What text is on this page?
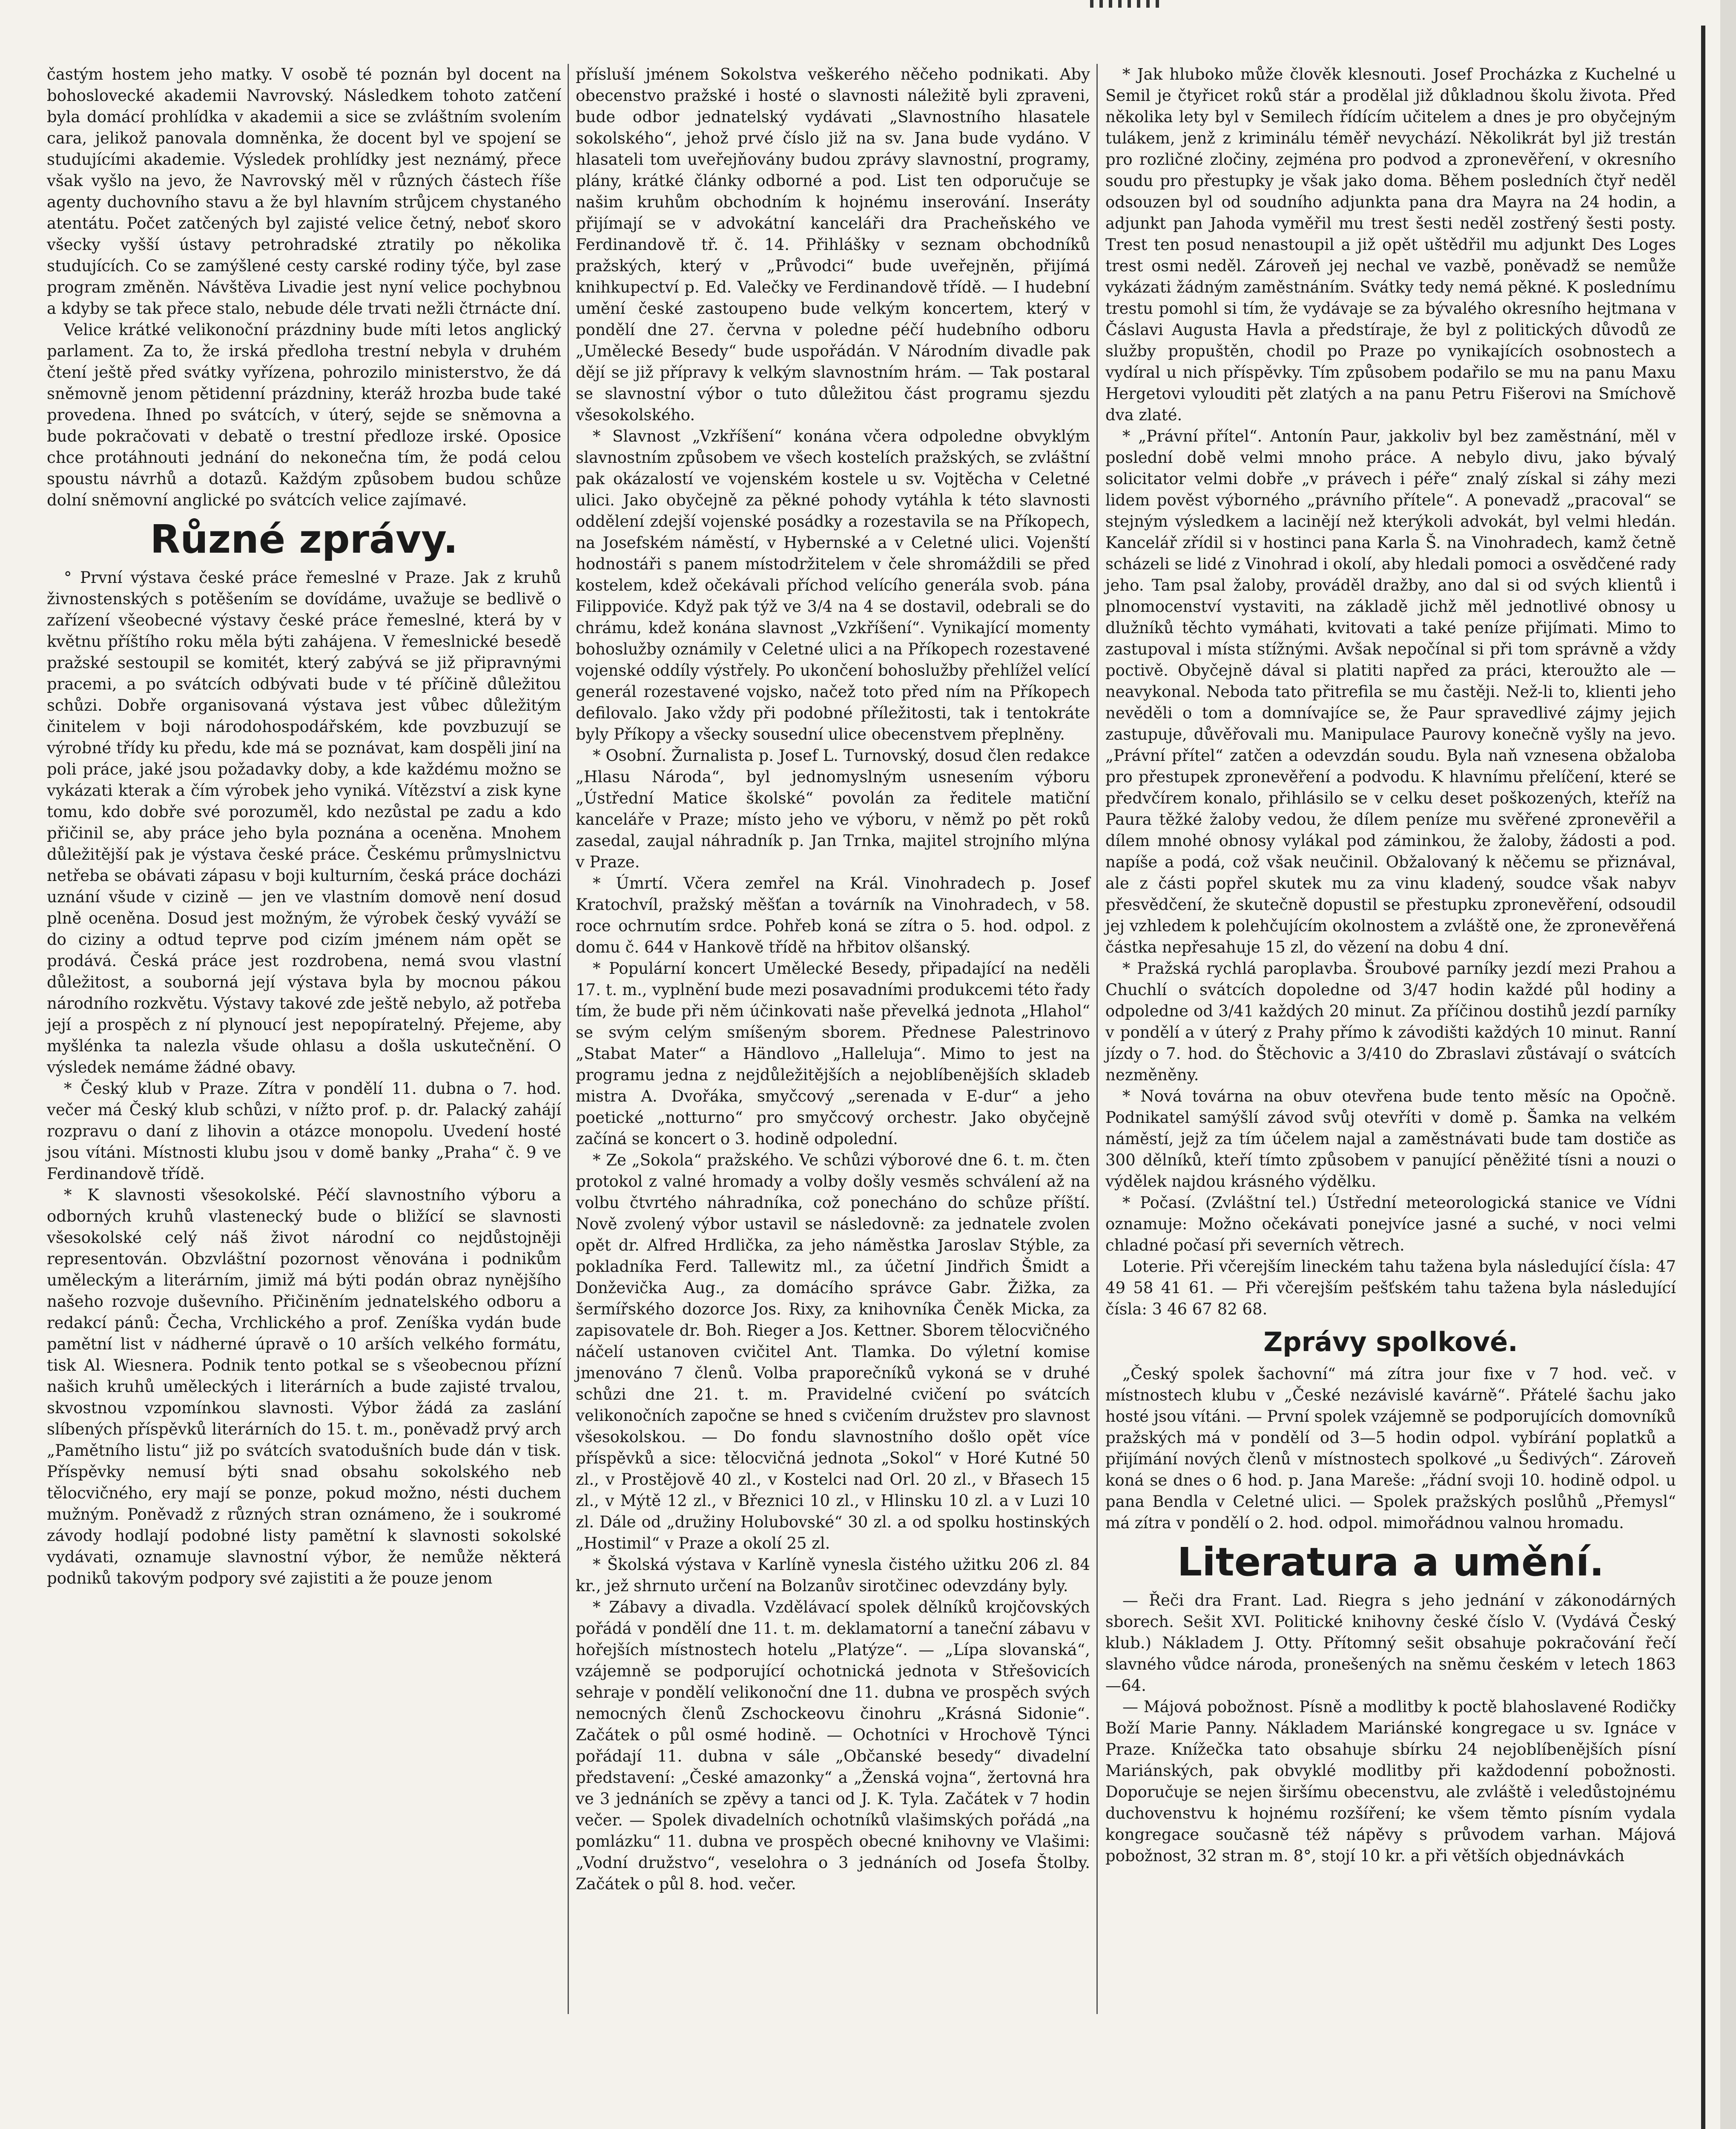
častým hostem jeho matky. V osobě té poznán byl docent na bohoslovecké akademii Navrovský. Následkem tohoto zatčení byla domácí prohlídka v akademii a sice se zvláštním svolením cara, jelikož panovala domněnka, že docent byl ve spojení se studujícími akademie. Výsledek prohlídky jest neznámý, přece však vyšlo na jevo, že Navrovský měl v různých částech říše agenty duchovního stavu a že byl hlavním strůjcem chystaného atentátu. Počet zatčených byl zajisté velice četný, neboť skoro všecky vyšší ústavy petrohradské ztratily po několika studujících. Co se zamýšlené cesty carské rodiny týče, byl zase program změněn. Návštěva Livadie jest nyní velice pochybnou a kdyby se tak přece stalo, nebude déle trvati nežli čtrnácte dní.

Velice krátké velikonoční prázdniny bude míti letos anglický parlament. Za to, že irská předloha trestní nebyla v druhém čtení ještě před svátky vyřízena, pohrozilo ministerstvo, že dá sněmovně jenom pětidenní prázdniny, kteráž hrozba bude také provedena. Ihned po svátcích, v úterý, sejde se sněmovna a bude pokračovati v debatě o trestní předloze irské. Oposice chce protáhnouti jednání do nekonečna tím, že podá celou spoustu návrhů a dotazů. Každým způsobem budou schůze dolní sněmovní anglické po svátcích velice zajímavé.

Různé zprávy.

° První výstava české práce řemeslné v Praze. Jak z kruhů živnostenských s potěšením se dovídáme, uvažuje se bedlivě o zařízení všeobecné výstavy české práce řemeslné, která by v květnu příštího roku měla býti zahájena. V řemeslnické besedě pražské sestoupil se komitét, který zabývá se již připravnými pracemi, a po svátcích odbývati bude v té příčině důležitou schůzi. Dobře organisovaná výstava jest vůbec důležitým činitelem v boji národohospodářském, kde povzbuzují se výrobné třídy ku předu, kde má se poznávat, kam dospěli jiní na poli práce, jaké jsou požadavky doby, a kde každému možno se vykázati kterak a čím výrobek jeho vyniká. Vítězství a zisk kyne tomu, kdo dobře své porozuměl, kdo nezůstal pe zadu a kdo přičinil se, aby práce jeho byla poznána a oceněna. Mnohem důležitější pak je výstava české práce. Českému průmyslnictvu netřeba se obávati zápasu v boji kulturním, česká práce docházi uznání všude v cizině — jen ve vlastním domově není dosud plně oceněna. Dosud jest možným, že výrobek český vyváží se do ciziny a odtud teprve pod cizím jménem nám opět se prodává. Česká práce jest rozdrobena, nemá svou vlastní důležitost, a souborná její výstava byla by mocnou pákou národního rozkvětu. Výstavy takové zde ještě nebylo, až potřeba její a prospěch z ní plynoucí jest nepopíratelný. Přejeme, aby myšlénka ta nalezla všude ohlasu a došla uskutečnění. O výsledek nemáme žádné obavy.

* Český klub v Praze. Zítra v pondělí 11. dubna o 7. hod. večer má Český klub schůzi, v nížto prof. p. dr. Palacký zahájí rozpravu o daní z lihovin a otázce monopolu. Uvedení hosté jsou vítáni. Místnosti klubu jsou v domě banky „Praha“ č. 9 ve Ferdinandově třídě.

* K slavnosti všesokolské. Péčí slavnostního výboru a odborných kruhů vlastenecký bude o bližící se slavnosti všesokolské celý náš život národní co nejdůstojněji representován. Obzvláštní pozornost věnována i podnikům uměleckým a literárním, jimiž má býti podán obraz nynějšího našeho rozvoje duševního. Přičiněním jednatelského odboru a redakcí pánů: Čecha, Vrchlického a prof. Zeníška vydán bude pamětní list v nádherné úpravě o 10 arších velkého formátu, tisk Al. Wiesnera. Podnik tento potkal se s všeobecnou přízní našich kruhů uměleckých i literárních a bude zajisté trvalou, skvostnou vzpomínkou slavnosti. Výbor žádá za zaslání slíbených příspěvků literárních do 15. t. m., poněvadž prvý arch „Pamětního listu“ již po svátcích svatodušních bude dán v tisk. Příspěvky nemusí býti snad obsahu sokolského neb tělocvičného, ery mají se ponze, pokud možno, nésti duchem mužným. Poněvadž z různých stran oznámeno, že i soukromé závody hodlají podobné listy pamětní k slavnosti sokolské vydávati, oznamuje slavnostní výbor, že nemůže některá podniků takovým podpory své zajistiti a že pouze jenom

přísluší jménem Sokolstva veškerého něčeho podnikati. Aby obecenstvo pražské i hosté o slavnosti náležitě byli zpraveni, bude odbor jednatelský vydávati „Slavnostního hlasatele sokolského“, jehož prvé číslo již na sv. Jana bude vydáno. V hlasateli tom uveřejňovány budou zprávy slavnostní, programy, plány, krátké články odborné a pod. List ten odporučuje se našim kruhům obchodním k hojnému inserování. Inseráty přijímají se v advokátní kanceláři dra Pracheňského ve Ferdinandově tř. č. 14. Přihlášky v seznam obchodníků pražských, který v „Průvodci“ bude uveřejněn, přijímá knihkupectví p. Ed. Valečky ve Ferdinandově třídě. — I hudební umění české zastoupeno bude velkým koncertem, který v pondělí dne 27. června v poledne péčí hudebního odboru „Umělecké Besedy“ bude uspořádán. V Národním divadle pak dějí se již přípravy k velkým slavnostním hrám. — Tak postaral se slavnostní výbor o tuto důležitou část programu sjezdu všesokolského.

* Slavnost „Vzkříšení“ konána včera odpoledne obvyklým slavnostním způsobem ve všech kostelích pražských, se zvláštní pak okázalostí ve vojenském kostele u sv. Vojtěcha v Celetné ulici. Jako obyčejně za pěkné pohody vytáhla k této slavnosti oddělení zdejší vojenské posádky a rozestavila se na Příkopech, na Josefském náměstí, v Hybernské a v Celetné ulici. Vojenští hodnostáři s panem místodržitelem v čele shromáždili se před kostelem, kdež očekávali příchod velícího generála svob. pána Filippoviće. Když pak týž ve 3/4 na 4 se dostavil, odebrali se do chrámu, kdež konána slavnost „Vzkříšení“. Vynikající momenty bohoslužby oznámily v Celetné ulici a na Příkopech rozestavené vojenské oddíly výstřely. Po ukončení bohoslužby přehlížel velící generál rozestavené vojsko, načež toto před ním na Příkopech defilovalo. Jako vždy při podobné příležitosti, tak i tentokráte byly Příkopy a všecky sousední ulice obecenstvem přeplněny.

* Osobní. Žurnalista p. Josef L. Turnovský, dosud člen redakce „Hlasu Národa“, byl jednomyslným usnesením výboru „Ústřední Matice školské“ povolán za ředitele matiční kanceláře v Praze; místo jeho ve výboru, v němž po pět roků zasedal, zaujal náhradník p. Jan Trnka, majitel strojního mlýna v Praze.

* Úmrtí. Včera zemřel na Král. Vinohradech p. Josef Kratochvíl, pražský měšťan a továrník na Vinohradech, v 58. roce ochrnutím srdce. Pohřeb koná se zítra o 5. hod. odpol. z domu č. 644 v Hankově třídě na hřbitov olšanský.

* Populární koncert Umělecké Besedy, připadající na neděli 17. t. m., vyplnění bude mezi posavadními produkcemi této řady tím, že bude při něm účinkovati naše převelká jednota „Hlahol“ se svým celým smíšeným sborem. Přednese Palestrinovo „Stabat Mater“ a Händlovo „Halleluja“. Mimo to jest na programu jedna z nejdůležitějších a nejoblíbenějších skladeb mistra A. Dvořáka, smyčcový „serenada v E-dur“ a jeho poetické „notturno“ pro smyčcový orchestr. Jako obyčejně začíná se koncert o 3. hodině odpolední.

* Ze „Sokola“ pražského. Ve schůzi výborové dne 6. t. m. čten protokol z valné hromady a volby došly vesměs schválení až na volbu čtvrtého náhradníka, což ponecháno do schůze příští. Nově zvolený výbor ustavil se následovně: za jednatele zvolen opět dr. Alfred Hrdlička, za jeho náměstka Jaroslav Stýble, za pokladníka Ferd. Tallewitz ml., za účetní Jindřich Šmidt a Donževička Aug., za domácího správce Gabr. Žižka, za šermířského dozorce Jos. Rixy, za knihovníka Čeněk Micka, za zapisovatele dr. Boh. Rieger a Jos. Kettner. Sborem tělocvičného náčelí ustanoven cvičitel Ant. Tlamka. Do výletní komise jmenováno 7 členů. Volba praporečníků vykoná se v druhé schůzi dne 21. t. m. Pravidelné cvičení po svátcích velikonočních započne se hned s cvičením družstev pro slavnost všesokolskou. — Do fondu slavnostního došlo opět více příspěvků a sice: tělocvičná jednota „Sokol“ v Horé Kutné 50 zl., v Prostějově 40 zl., v Kostelci nad Orl. 20 zl., v Břasech 15 zl., v Mýtě 12 zl., v Březnici 10 zl., v Hlinsku 10 zl. a v Luzi 10 zl. Dále od „družiny Holubovské“ 30 zl. a od spolku hostinských „Hostimil“ v Praze a okolí 25 zl.

* Školská výstava v Karlíně vynesla čistého užitku 206 zl. 84 kr., jež shrnuto určení na Bolzanův sirotčinec odevzdány byly.

* Zábavy a divadla. Vzdělávací spolek dělníků krojčovských pořádá v pondělí dne 11. t. m. deklamatorní a taneční zábavu v hořejších místnostech hotelu „Platýze“. — „Lípa slovanská“, vzájemně se podporující ochotnická jednota v Střešovicích sehraje v pondělí velikonoční dne 11. dubna ve prospěch svých nemocných členů Zschockeovu činohru „Krásná Sidonie“. Začátek o půl osmé hodině. — Ochotníci v Hrochově Týnci pořádají 11. dubna v sále „Občanské besedy“ divadelní představení: „České amazonky“ a „Ženská vojna“, žertovná hra ve 3 jednáních se zpěvy a tanci od J. K. Tyla. Začátek v 7 hodin večer. — Spolek divadelních ochotníků vlašimských pořádá „na pomlázku“ 11. dubna ve prospěch obecné knihovny ve Vlašimi: „Vodní družstvo“, veselohra o 3 jednáních od Josefa Štolby. Začátek o půl 8. hod. večer.

* Jak hluboko může člověk klesnouti. Josef Procházka z Kuchelné u Semil je čtyřicet roků stár a prodělal již důkladnou školu života. Před několika lety byl v Semilech řídícím učitelem a dnes je pro obyčejným tulákem, jenž z kriminálu téměř nevychází. Několikrát byl již trestán pro rozličné zločiny, zejména pro podvod a zpronevěření, v okresního soudu pro přestupky je však jako doma. Během posledních čtyř neděl odsouzen byl od soudního adjunkta pana dra Mayra na 24 hodin, a adjunkt pan Jahoda vyměřil mu trest šesti neděl zostřený šesti posty. Trest ten posud nenastoupil a již opět uštědřil mu adjunkt Des Loges trest osmi neděl. Zároveň jej nechal ve vazbě, poněvadž se nemůže vykázati žádným zaměstnáním. Svátky tedy nemá pěkné. K poslednímu trestu pomohl si tím, že vydávaje se za bývalého okresního hejtmana v Čáslavi Augusta Havla a předstíraje, že byl z politických důvodů ze služby propuštěn, chodil po Praze po vynikajících osobnostech a vydíral u nich příspěvky. Tím způsobem podařilo se mu na panu Maxu Hergetovi vylouditi pět zlatých a na panu Petru Fišerovi na Smíchově dva zlaté.

* „Právní přítel“. Antonín Paur, jakkoliv byl bez zaměstnání, měl v poslední době velmi mnoho práce. A nebylo divu, jako bývalý solicitator velmi dobře „v právech i péře“ znalý získal si záhy mezi lidem pověst výborného „právního přítele“. A ponevadž „pracoval“ se stejným výsledkem a lacinějí než kterýkoli advokát, byl velmi hledán. Kancelář zřídil si v hostinci pana Karla Š. na Vinohradech, kamž četně scházeli se lidé z Vinohrad i okolí, aby hledali pomoci a osvědčené rady jeho. Tam psal žaloby, prováděl dražby, ano dal si od svých klientů i plnomocenství vystaviti, na základě jichž měl jednotlivé obnosy u dlužníků těchto vymáhati, kvitovati a také peníze přijímati. Mimo to zastupoval i místa stížnými. Avšak nepočínal si při tom správně a vždy poctivě. Obyčejně dával si platiti napřed za práci, kteroužto ale — neavykonal. Neboda tato přitrefila se mu častěji. Než-li to, klienti jeho nevěděli o tom a domnívajíce se, že Paur spravedlivé zájmy jejich zastupuje, důvěřovali mu. Manipulace Paurovy konečně vyšly na jevo. „Právní přítel“ zatčen a odevzdán soudu. Byla naň vznesena obžaloba pro přestupek zpronevěření a podvodu. K hlavnímu přelíčení, které se předvčírem konalo, přihlásilo se v celku deset poškozených, kteříž na Paura těžké žaloby vedou, že dílem peníze mu svěřené zpronevěřil a dílem mnohé obnosy vylákal pod záminkou, že žaloby, žádosti a pod. napíše a podá, což však neučinil. Obžalovaný k něčemu se přiznával, ale z části popřel skutek mu za vinu kladený, soudce však nabyv přesvědčení, že skutečně dopustil se přestupku zpronevěření, odsoudil jej vzhledem k polehčujícím okolnostem a zvláště one, že zpronevěřená částka nepřesahuje 15 zl, do vězení na dobu 4 dní.

* Pražská rychlá paroplavba. Šroubové parníky jezdí mezi Prahou a Chuchlí o svátcích dopoledne od 3/47 hodin každé půl hodiny a odpoledne od 3/41 každých 20 minut. Za příčinou dostihů jezdí parníky v pondělí a v úterý z Prahy přímo k závodišti každých 10 minut. Ranní jízdy o 7. hod. do Štěchovic a 3/410 do Zbraslavi zůstávají o svátcích nezměněny.

* Nová továrna na obuv otevřena bude tento měsíc na Opočně. Podnikatel samýšlí závod svůj otevříti v domě p. Šamka na velkém náměstí, jejž za tím účelem najal a zaměstnávati bude tam dostiče as 300 dělníků, kteří tímto způsobem v panující pěněžité tísni a nouzi o výdělek najdou krásného výdělku.

* Počasí. (Zvláštní tel.) Ústřední meteorologická stanice ve Vídni oznamuje: Možno očekávati ponejvíce jasné a suché, v noci velmi chladné počasí při severních větrech.

Loterie. Při včerejším lineckém tahu tažena byla následující čísla: 47 49 58 41 61. — Při včerejším pešťském tahu tažena byla následující čísla: 3 46 67 82 68.

Zprávy spolkové.

„Český spolek šachovní“ má zítra jour fixe v 7 hod. več. v místnostech klubu v „České nezávislé kavárně“. Přátelé šachu jako hosté jsou vítáni. — První spolek vzájemně se podporujících domovníků pražských má v pondělí od 3—5 hodin odpol. vybírání poplatků a přijímání nových členů v místnostech spolkové „u Šedivých“. Zároveň koná se dnes o 6 hod. p. Jana Mareše: „řádní svoji 10. hodině odpol. u pana Bendla v Celetné ulici. — Spolek pražských poslůhů „Přemysl“ má zítra v pondělí o 2. hod. odpol. mimořádnou valnou hromadu.

Literatura a umění.

— Řeči dra Frant. Lad. Riegra s jeho jednání v zákonodárných sborech. Sešit XVI. Politické knihovny české číslo V. (Vydává Český klub.) Nákladem J. Otty. Přítomný sešit obsahuje pokračování řečí slavného vůdce národa, pronešených na sněmu českém v letech 1863—64.

— Májová pobožnost. Písně a modlitby k poctě blahoslavené Rodičky Boží Marie Panny. Nákladem Mariánské kongregace u sv. Ignáce v Praze. Knížečka tato obsahuje sbírku 24 nejoblíbenějších písní Mariánských, pak obvyklé modlitby při každodenní pobožnosti. Doporučuje se nejen širšímu obecenstvu, ale zvláště i veledůstojnému duchovenstvu k hojnému rozšíření; ke všem těmto písním vydala kongregace současně též nápěvy s průvodem varhan. Májová pobožnost, 32 stran m. 8°, stojí 10 kr. a při větších objednávkách
